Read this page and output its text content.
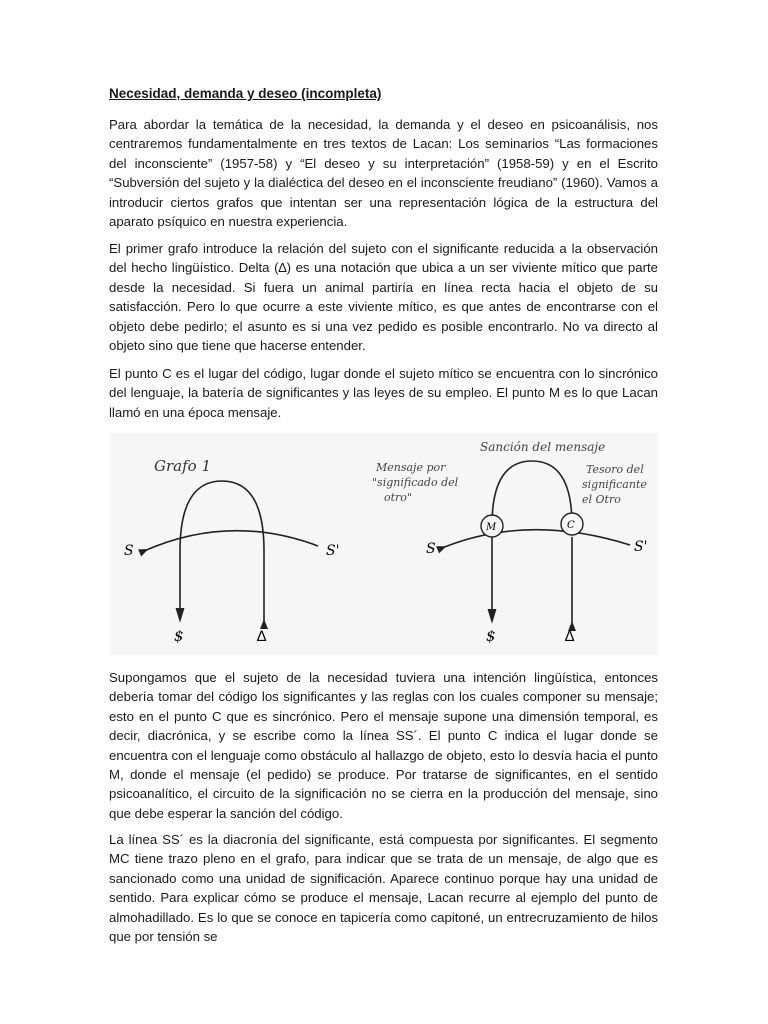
Necesidad, demanda y deseo (incompleta)

Para abordar la temática de la necesidad, la demanda y el deseo en psicoanálisis, nos centraremos fundamentalmente en tres textos de Lacan: Los seminarios “Las formaciones del inconsciente” (1957-58) y “El deseo y su interpretación” (1958-59) y en el Escrito “Subversión del sujeto y la dialéctica del deseo en el inconsciente freudiano” (1960). Vamos a introducir ciertos grafos que intentan ser una representación lógica de la estructura del aparato psíquico en nuestra experiencia.

El primer grafo introduce la relación del sujeto con el significante reducida a la observación del hecho lingüístico. Delta (∆) es una notación que ubica a un ser viviente mítico que parte desde la necesidad. Si fuera un animal partiría en línea recta hacia el objeto de su satisfacción. Pero lo que ocurre a este viviente mítico, es que antes de encontrarse con el objeto debe pedirlo; el asunto es si una vez pedido es posible encontrarlo. No va directo al objeto sino que tiene que hacerse entender.

El punto C es el lugar del código, lugar donde el sujeto mítico se encuentra con lo sincrónico del lenguaje, la batería de significantes y las leyes de su empleo. El punto M es lo que Lacan llamó en una época mensaje.

Grafo 1
S	S'
$	∆
Sanción del mensaje
Mensaje por
"significado del
otro"
Tesoro del
significante
el Otro
M	C
S	S'
$	∆

Supongamos que el sujeto de la necesidad tuviera una intención lingüística, entonces debería tomar del código los significantes y las reglas con los cuales componer su mensaje; esto en el punto C que es sincrónico. Pero el mensaje supone una dimensión temporal, es decir, diacrónica, y se escribe como la línea SS´. El punto C indica el lugar donde se encuentra con el lenguaje como obstáculo al hallazgo de objeto, esto lo desvía hacia el punto M, donde el mensaje (el pedido) se produce. Por tratarse de significantes, en el sentido psicoanalítico, el circuito de la significación no se cierra en la producción del mensaje, sino que debe esperar la sanción del código.

La línea SS´ es la diacronía del significante, está compuesta por significantes. El segmento MC tiene trazo pleno en el grafo, para indicar que se trata de un mensaje, de algo que es sancionado como una unidad de significación. Aparece continuo porque hay una unidad de sentido. Para explicar cómo se produce el mensaje, Lacan recurre al ejemplo del punto de almohadillado. Es lo que se conoce en tapicería como capitoné, un entrecruzamiento de hilos que por tensión se
